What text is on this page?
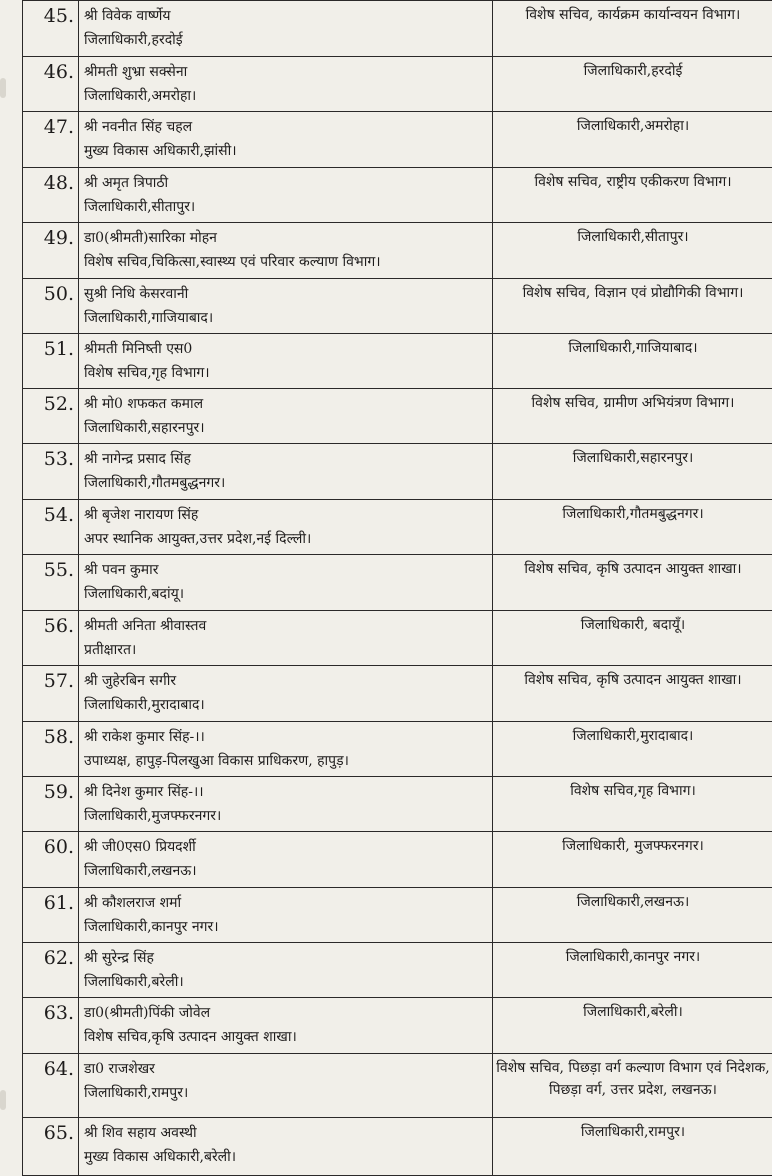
45.	श्री विवेक वार्ष्णेय
जिलाधिकारी,हरदोई	विशेष सचिव, कार्यक्रम कार्यान्वयन विभाग।

46.	श्रीमती शुभ्रा सक्सेना
जिलाधिकारी,अमरोहा।	जिलाधिकारी,हरदोई

47.	श्री नवनीत सिंह चहल
मुख्य विकास अधिकारी,झांसी।	जिलाधिकारी,अमरोहा।

48.	श्री अमृत त्रिपाठी
जिलाधिकारी,सीतापुर।	विशेष सचिव, राष्ट्रीय एकीकरण विभाग।

49.	डा0(श्रीमती)सारिका मोहन
विशेष सचिव,चिकित्सा,स्वास्थ्य एवं परिवार कल्याण विभाग।	जिलाधिकारी,सीतापुर।

50.	सुश्री निधि केसरवानी
जिलाधिकारी,गाजियाबाद।	विशेष सचिव, विज्ञान एवं प्रोद्यौगिकी विभाग।

51.	श्रीमती मिनिष्ती एस0
विशेष सचिव,गृह विभाग।	जिलाधिकारी,गाजियाबाद।

52.	श्री मो0 शफकत कमाल
जिलाधिकारी,सहारनपुर।	विशेष सचिव, ग्रामीण अभियंत्रण विभाग।

53.	श्री नागेन्द्र प्रसाद सिंह
जिलाधिकारी,गौतमबुद्धनगर।	जिलाधिकारी,सहारनपुर।

54.	श्री बृजेश नारायण सिंह
अपर स्थानिक आयुक्त,उत्तर प्रदेश,नई दिल्ली।	जिलाधिकारी,गौतमबुद्धनगर।

55.	श्री पवन कुमार
जिलाधिकारी,बदांयू।	विशेष सचिव, कृषि उत्पादन आयुक्त शाखा।

56.	श्रीमती अनिता श्रीवास्तव
प्रतीक्षारत।	जिलाधिकारी, बदायूँ।

57.	श्री जुहेरबिन सगीर
जिलाधिकारी,मुरादाबाद।	विशेष सचिव, कृषि उत्पादन आयुक्त शाखा।

58.	श्री राकेश कुमार सिंह-।।
उपाध्यक्ष, हापुड़-पिलखुआ विकास प्राधिकरण, हापुड़।	जिलाधिकारी,मुरादाबाद।

59.	श्री दिनेश कुमार सिंह-।।
जिलाधिकारी,मुजफ्फरनगर।	विशेष सचिव,गृह विभाग।

60.	श्री जी0एस0 प्रियदर्शी
जिलाधिकारी,लखनऊ।	जिलाधिकारी, मुजफ्फरनगर।

61.	श्री कौशलराज शर्मा
जिलाधिकारी,कानपुर नगर।	जिलाधिकारी,लखनऊ।

62.	श्री सुरेन्द्र सिंह
जिलाधिकारी,बरेली।	जिलाधिकारी,कानपुर नगर।

63.	डा0(श्रीमती)पिंकी जोवेल
विशेष सचिव,कृषि उत्पादन आयुक्त शाखा।	जिलाधिकारी,बरेली।

64.	डा0 राजशेखर
जिलाधिकारी,रामपुर।	विशेष सचिव, पिछड़ा वर्ग कल्याण विभाग एवं निदेशक, पिछड़ा वर्ग, उत्तर प्रदेश, लखनऊ।

65.	श्री शिव सहाय अवस्थी
मुख्य विकास अधिकारी,बरेली।	जिलाधिकारी,रामपुर।
